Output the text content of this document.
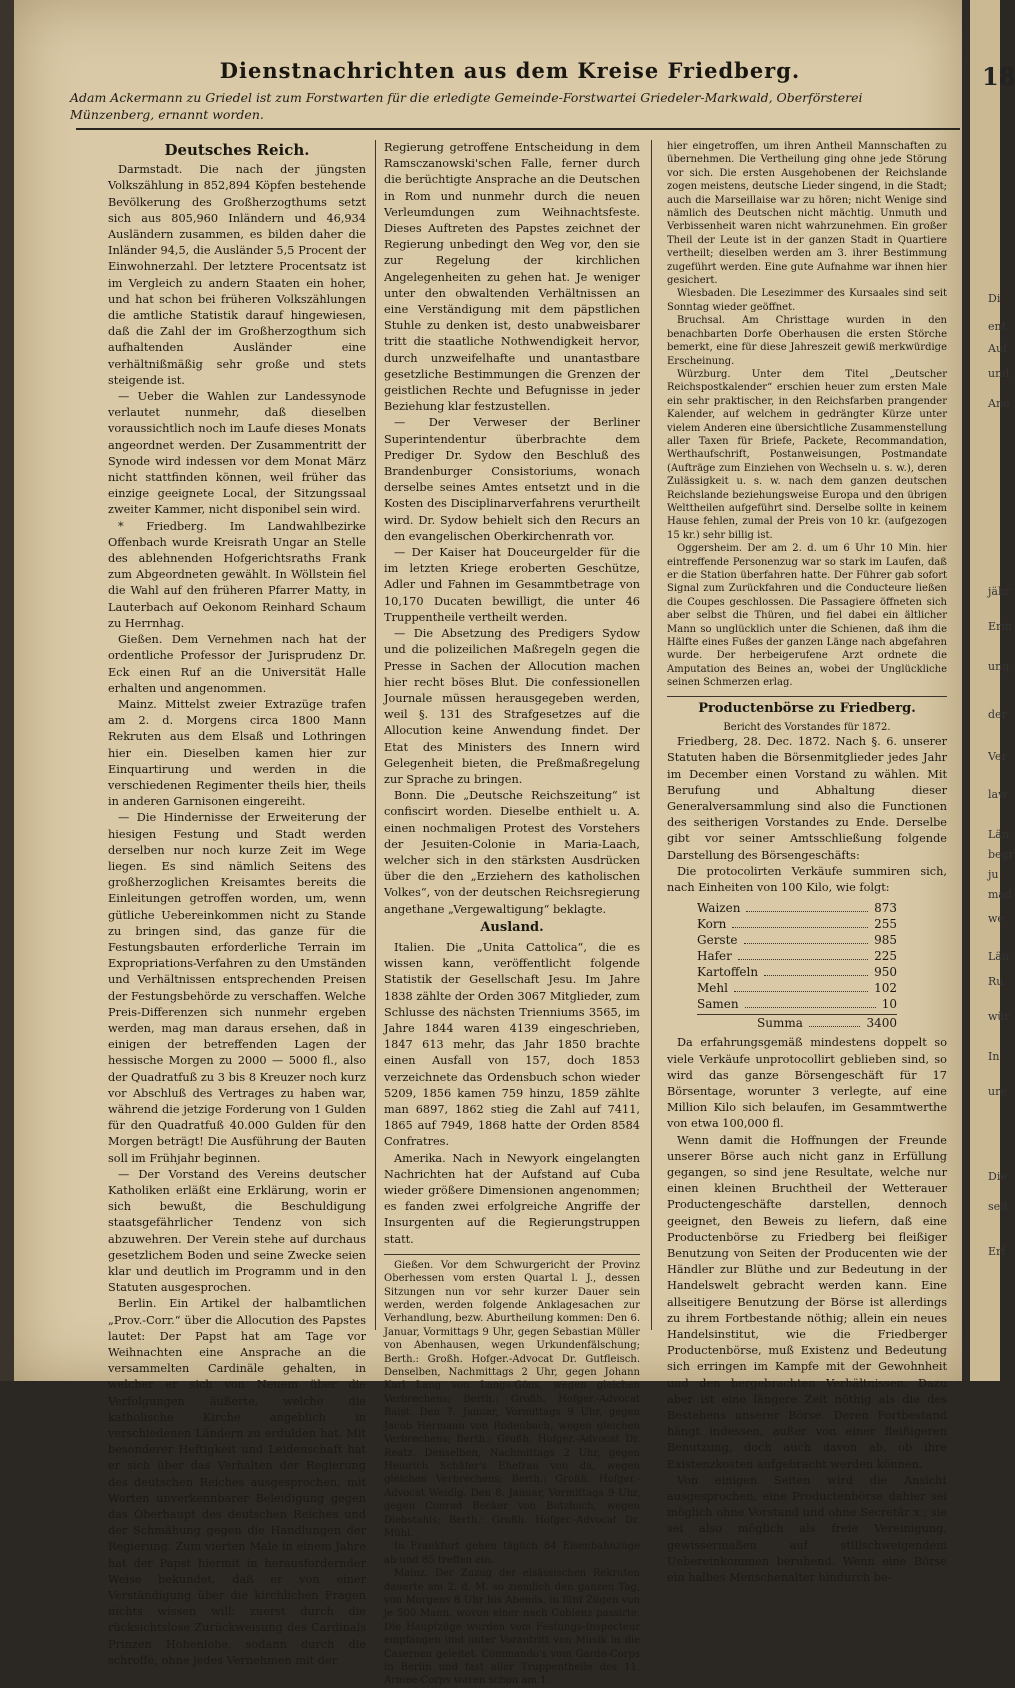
Dienstnachrichten aus dem Kreise Friedberg.
Adam Ackermann zu Griedel ist zum Forstwarten für die erledigte Gemeinde-Forstwartei Griedeler-Markwald, Oberförsterei Münzenberg, ernannt worden.
Deutsches Reich.

Darmstadt. Die nach der jüngsten Volkszählung in 852,894 Köpfen bestehende Bevölkerung des Großherzogthums setzt sich aus 805,960 Inländern und 46,934 Ausländern zusammen, es bilden daher die Inländer 94,5, die Ausländer 5,5 Procent der Einwohnerzahl. Der letztere Procentsatz ist im Vergleich zu andern Staaten ein hoher, und hat schon bei früheren Volkszählungen die amtliche Statistik darauf hingewiesen, daß die Zahl der im Großherzogthum sich aufhaltenden Ausländer eine verhältnißmäßig sehr große und stets steigende ist.

— Ueber die Wahlen zur Landessynode verlautet nunmehr, daß dieselben voraussichtlich noch im Laufe dieses Monats angeordnet werden. Der Zusammentritt der Synode wird indessen vor dem Monat März nicht stattfinden können, weil früher das einzige geeignete Local, der Sitzungssaal zweiter Kammer, nicht disponibel sein wird.

* Friedberg. Im Landwahlbezirke Offenbach wurde Kreisrath Ungar an Stelle des ablehnenden Hofgerichtsraths Frank zum Abgeordneten gewählt. In Wöllstein fiel die Wahl auf den früheren Pfarrer Matty, in Lauterbach auf Oekonom Reinhard Schaum zu Herrnhag.

Gießen. Dem Vernehmen nach hat der ordentliche Professor der Jurisprudenz Dr. Eck einen Ruf an die Universität Halle erhalten und angenommen.

Mainz. Mittelst zweier Extrazüge trafen am 2. d. Morgens circa 1800 Mann Rekruten aus dem Elsaß und Lothringen hier ein. Dieselben kamen hier zur Einquartirung und werden in die verschiedenen Regimenter theils hier, theils in anderen Garnisonen eingereiht.

— Die Hindernisse der Erweiterung der hiesigen Festung und Stadt werden derselben nur noch kurze Zeit im Wege liegen. Es sind nämlich Seitens des großherzoglichen Kreisamtes bereits die Einleitungen getroffen worden, um, wenn gütliche Uebereinkommen nicht zu Stande zu bringen sind, das ganze für die Festungsbauten erforderliche Terrain im Expropriations-Verfahren zu den Umständen und Verhältnissen entsprechenden Preisen der Festungsbehörde zu verschaffen. Welche Preis-Differenzen sich nunmehr ergeben werden, mag man daraus ersehen, daß in einigen der betreffenden Lagen der hessische Morgen zu 2000 — 5000 fl., also der Quadratfuß zu 3 bis 8 Kreuzer noch kurz vor Abschluß des Vertrages zu haben war, während die jetzige Forderung von 1 Gulden für den Quadratfuß 40.000 Gulden für den Morgen beträgt! Die Ausführung der Bauten soll im Frühjahr beginnen.

— Der Vorstand des Vereins deutscher Katholiken erläßt eine Erklärung, worin er sich bewußt, die Beschuldigung staatsgefährlicher Tendenz von sich abzuwehren. Der Verein stehe auf durchaus gesetzlichem Boden und seine Zwecke seien klar und deutlich im Programm und in den Statuten ausgesprochen.

Berlin. Ein Artikel der halbamtlichen „Prov.-Corr.“ über die Allocution des Papstes lautet: Der Papst hat am Tage vor Weihnachten eine Ansprache an die versammelten Cardinäle gehalten, in welcher er sich von Neuem über die Verfolgungen äußerte, welche die katholische Kirche angeblich in verschiedenen Ländern zu erdulden hat. Mit besonderer Heftigkeit und Leidenschaft hat er sich über das Verhalten der Regierung des deutschen Reiches ausgesprochen, mit Worten unverkennbarer Beleidigung gegen das Oberhaupt des deutschen Reiches und der Schmähung gegen die Handlungen der Regierung. Zum vierten Male in einem Jahre hat der Papst hiermit in herausfordernder Weise bekundet, daß er von einer Verständigung über die kirchlichen Fragen nichts wissen will: zuerst durch die rücksichtslose Zurückweisung des Cardinals Prinzen Hohenlohe, sodann durch die schroffe, ohne jedes Vernehmen mit der

Regierung getroffene Entscheidung in dem Ramsczanowski'schen Falle, ferner durch die berüchtigte Ansprache an die Deutschen in Rom und nunmehr durch die neuen Verleumdungen zum Weihnachtsfeste. Dieses Auftreten des Papstes zeichnet der Regierung unbedingt den Weg vor, den sie zur Regelung der kirchlichen Angelegenheiten zu gehen hat. Je weniger unter den obwaltenden Verhältnissen an eine Verständigung mit dem päpstlichen Stuhle zu denken ist, desto unabweisbarer tritt die staatliche Nothwendigkeit hervor, durch unzweifelhafte und unantastbare gesetzliche Bestimmungen die Grenzen der geistlichen Rechte und Befugnisse in jeder Beziehung klar festzustellen.

— Der Verweser der Berliner Superintendentur überbrachte dem Prediger Dr. Sydow den Beschluß des Brandenburger Consistoriums, wonach derselbe seines Amtes entsetzt und in die Kosten des Disciplinarverfahrens verurtheilt wird. Dr. Sydow behielt sich den Recurs an den evangelischen Oberkirchenrath vor.

— Der Kaiser hat Douceurgelder für die im letzten Kriege eroberten Geschütze, Adler und Fahnen im Gesammtbetrage von 10,170 Ducaten bewilligt, die unter 46 Truppentheile vertheilt werden.

— Die Absetzung des Predigers Sydow und die polizeilichen Maßregeln gegen die Presse in Sachen der Allocution machen hier recht böses Blut. Die confessionellen Journale müssen herausgegeben werden, weil §. 131 des Strafgesetzes auf die Allocution keine Anwendung findet. Der Etat des Ministers des Innern wird Gelegenheit bieten, die Preßmaßregelung zur Sprache zu bringen.

Bonn. Die „Deutsche Reichszeitung“ ist confiscirt worden. Dieselbe enthielt u. A. einen nochmaligen Protest des Vorstehers der Jesuiten-Colonie in Maria-Laach, welcher sich in den stärksten Ausdrücken über die den „Erziehern des katholischen Volkes“, von der deutschen Reichsregierung angethane „Vergewaltigung“ beklagte.

Ausland.

Italien. Die „Unita Cattolica“, die es wissen kann, veröffentlicht folgende Statistik der Gesellschaft Jesu. Im Jahre 1838 zählte der Orden 3067 Mitglieder, zum Schlusse des nächsten Trienniums 3565, im Jahre 1844 waren 4139 eingeschrieben, 1847 613 mehr, das Jahr 1850 brachte einen Ausfall von 157, doch 1853 verzeichnete das Ordensbuch schon wieder 5209, 1856 kamen 759 hinzu, 1859 zählte man 6897, 1862 stieg die Zahl auf 7411, 1865 auf 7949, 1868 hatte der Orden 8584 Confratres.

Amerika. Nach in Newyork eingelangten Nachrichten hat der Aufstand auf Cuba wieder größere Dimensionen angenommen; es fanden zwei erfolgreiche Angriffe der Insurgenten auf die Regierungstruppen statt.

Gießen. Vor dem Schwurgericht der Provinz Oberhessen vom ersten Quartal l. J., dessen Sitzungen nun vor sehr kurzer Dauer sein werden, werden folgende Anklagesachen zur Verhandlung, bezw. Aburtheilung kommen: Den 6. Januar, Vormittags 9 Uhr, gegen Sebastian Müller von Abenhausen, wegen Urkundenfälschung; Berth.: Großh. Hofger.-Advocat Dr. Gutfleisch. Denselben, Nachmittags 2 Uhr, gegen Johann Karl Lang von Langs-Göns, wegen gleichen Verbrechens; Berth.: Großh. Hofger.-Advocat Baist. Den 7. Januar, Vormittags 9 Uhr, gegen Jacob Hermann von Rodenbach, wegen gleichen Verbrechens; Berth.: Großh. Hofger.-Advocat Dr. Reatz. Denselben, Nachmittags 2 Uhr, gegen Heinrich Schäfer's Ehefrau von da, wegen gleichen Verbrechens; Berth.: Großh. Hofger.-Advocat Weidig. Den 8. Januar, Vormittags 9 Uhr, gegen Conrad Becker von Butzbach, wegen Diebstahls; Berth.: Großh. Hofger.-Advocat Dr. Mühl.

In Frankfurt gehen täglich 84 Eisenbahnzüge ab und 85 treffen ein.

Mainz. Der Zuzug der elsässischen Rekruten dauerte am 2. d. M. so ziemlich den ganzen Tag, von Morgens 8 Uhr bis Abends, in fünf Zügen von je 500 Mann, wovon einer nach Coblenz passirte. Die Hauptzüge wurden vom Festungs-Inspecteur empfangen und unter Vorantritt von Musik in die Casernen geleitet. Commando's vom Garde-Corps in Berlin und fast aller Truppentheile des 11. Armee-Corps waren schon am 1.

hier eingetroffen, um ihren Antheil Mannschaften zu übernehmen. Die Vertheilung ging ohne jede Störung vor sich. Die ersten Ausgehobenen der Reichslande zogen meistens, deutsche Lieder singend, in die Stadt; auch die Marseillaise war zu hören; nicht Wenige sind nämlich des Deutschen nicht mächtig. Unmuth und Verbissenheit waren nicht wahrzunehmen. Ein großer Theil der Leute ist in der ganzen Stadt in Quartiere vertheilt; dieselben werden am 3. ihrer Bestimmung zugeführt werden. Eine gute Aufnahme war ihnen hier gesichert.

Wiesbaden. Die Lesezimmer des Kursaales sind seit Sonntag wieder geöffnet.

Bruchsal. Am Christtage wurden in den benachbarten Dorfe Oberhausen die ersten Störche bemerkt, eine für diese Jahreszeit gewiß merkwürdige Erscheinung.

Würzburg. Unter dem Titel „Deutscher Reichspostkalender“ erschien heuer zum ersten Male ein sehr praktischer, in den Reichsfarben prangender Kalender, auf welchem in gedrängter Kürze unter vielem Anderen eine übersichtliche Zusammenstellung aller Taxen für Briefe, Packete, Recommandation, Werthaufschrift, Postanweisungen, Postmandate (Aufträge zum Einziehen von Wechseln u. s. w.), deren Zulässigkeit u. s. w. nach dem ganzen deutschen Reichslande beziehungsweise Europa und den übrigen Welttheilen aufgeführt sind. Derselbe sollte in keinem Hause fehlen, zumal der Preis von 10 kr. (aufgezogen 15 kr.) sehr billig ist.

Oggersheim. Der am 2. d. um 6 Uhr 10 Min. hier eintreffende Personenzug war so stark im Laufen, daß er die Station überfahren hatte. Der Führer gab sofort Signal zum Zurückfahren und die Conducteure ließen die Coupes geschlossen. Die Passagiere öffneten sich aber selbst die Thüren, und fiel dabei ein ältlicher Mann so unglücklich unter die Schienen, daß ihm die Hälfte eines Fußes der ganzen Länge nach abgefahren wurde. Der herbeigerufene Arzt ordnete die Amputation des Beines an, wobei der Unglückliche seinen Schmerzen erlag.

Productenbörse zu Friedberg.
Bericht des Vorstandes für 1872.

Friedberg, 28. Dec. 1872. Nach §. 6. unserer Statuten haben die Börsenmitglieder jedes Jahr im December einen Vorstand zu wählen. Mit Berufung und Abhaltung dieser Generalversammlung sind also die Functionen des seitherigen Vorstandes zu Ende. Derselbe gibt vor seiner Amtsschließung folgende Darstellung des Börsengeschäfts:

Die protocolirten Verkäufe summiren sich, nach Einheiten von 100 Kilo, wie folgt:

Waizen	873
Korn	255
Gerste	985
Hafer	225
Kartoffeln	950
Mehl	102
Samen	10
Summa	3400

Da erfahrungsgemäß mindestens doppelt so viele Verkäufe unprotocollirt geblieben sind, so wird das ganze Börsengeschäft für 17 Börsentage, worunter 3 verlegte, auf eine Million Kilo sich belaufen, im Gesammtwerthe von etwa 100,000 fl.

Wenn damit die Hoffnungen der Freunde unserer Börse auch nicht ganz in Erfüllung gegangen, so sind jene Resultate, welche nur einen kleinen Bruchtheil der Wetterauer Productengeschäfte darstellen, dennoch geeignet, den Beweis zu liefern, daß eine Productenbörse zu Friedberg bei fleißiger Benutzung von Seiten der Producenten wie der Händler zur Blüthe und zur Bedeutung in der Handelswelt gebracht werden kann. Eine allseitigere Benutzung der Börse ist allerdings zu ihrem Fortbestande nöthig; allein ein neues Handelsinstitut, wie die Friedberger Productenbörse, muß Existenz und Bedeutung sich erringen im Kampfe mit der Gewohnheit und den hergebrachten Verhältnissen. Dazu aber ist eine längere Zeit nöthig als die des Bestehens unserer Börse. Deren Fortbestand hängt indessen, außer von einer fleißigeren Benutzung, doch auch davon ab, ob ihre Existenzkosten aufgebracht werden können.

Von einigen Seiten wird die Ansicht ausgesprochen, eine Productenbörse dahier sei möglich ohne Vorstand und ohne Secretär x.; sie sei also möglich als freie Vereinigung, gewissermaßen auf stillschweigendem Uebereinkommen beruhend. Wenn eine Börse ein halbes Menschenalter hindurch be-

18
Di
ent
Auf
und
Ane
jähr
Erin
ung
der
Ver
law
Län
begr
ju
mad
we
Län
Ru
wür
In
ure
Die
seit
Erf
